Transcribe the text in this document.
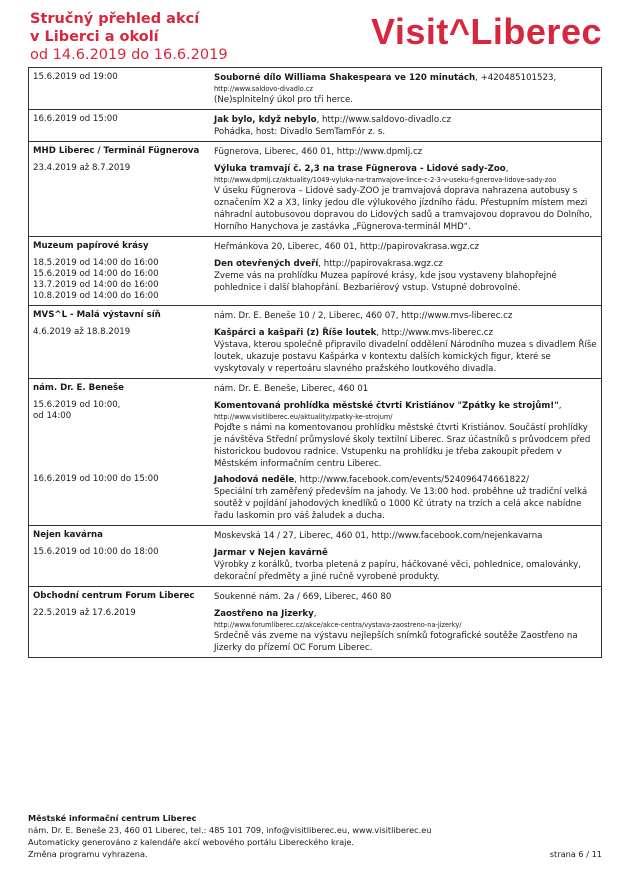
Stručný přehled akcí
v Liberci a okolí
od 14.6.2019 do 16.6.2019
Visit^Liberec
15.6.2019 od 19:00	Souborné dílo Williama Shakespeara ve 120 minutách, +420485101523,
http://www.saldovo-divadlo.cz
(Ne)splnitelný úkol pro tři herce.
16.6.2019 od 15:00	Jak bylo, když nebylo, http://www.saldovo-divadlo.cz
Pohádka, host: Divadlo SemTamFór z. s.
MHD Liberec / Terminál Fügnerova	Fügnerova, Liberec, 460 01, http://www.dpmlj.cz
23.4.2019 až 8.7.2019	Výluka tramvají č. 2,3 na trase Fügnerova - Lidové sady-Zoo,
http://www.dpmlj.cz/aktuality/1049-vyluka-na-tramvajove-lince-c-2-3-v-useku-f-gnerova-lidove-sady-zoo
V úseku Fügnerova – Lidové sady-ZOO je tramvajová doprava nahrazena autobusy s označením X2 a X3, linky jedou dle výlukového jízdního řádu. Přestupním místem mezi náhradní autobusovou dopravou do Lidových sadů a tramvajovou dopravou do Dolního, Horního Hanychova je zastávka „Fügnerova-terminál MHD“.
Muzeum papírové krásy	Heřmánkova 20, Liberec, 460 01, http://papirovakrasa.wgz.cz
18.5.2019 od 14:00 do 16:00
15.6.2019 od 14:00 do 16:00
13.7.2019 od 14:00 do 16:00
10.8.2019 od 14:00 do 16:00
Den otevřených dveří, http://papirovakrasa.wgz.cz
Zveme vás na prohlídku Muzea papírové krásy, kde jsou vystaveny blahopřejné pohlednice i další blahopřání. Bezbariérový vstup. Vstupné dobrovolné.
MVS^L - Malá výstavní síň	nám. Dr. E. Beneše 10 / 2, Liberec, 460 07, http://www.mvs-liberec.cz
4.6.2019 až 18.8.2019	Kašpárci a kašpaři (z) Říše loutek, http://www.mvs-liberec.cz
Výstava, kterou společně připravilo divadelní oddělení Národního muzea s divadlem Říše loutek, ukazuje postavu Kašpárka v kontextu dalších komických figur, které se vyskytovaly v repertoáru slavného pražského loutkového divadla.
nám. Dr. E. Beneše	nám. Dr. E. Beneše, Liberec, 460 01
15.6.2019 od 10:00,
od 14:00
Komentovaná prohlídka městské čtvrti Kristiánov "Zpátky ke strojům!",
http://www.visitliberec.eu/aktuality/zpatky-ke-strojum/
Pojďte s námi na komentovanou prohlídku městské čtvrti Kristiánov. Součástí prohlídky je návštěva Střední průmyslové školy textilní Liberec. Sraz účastníků s průvodcem před historickou budovou radnice. Vstupenku na prohlídku je třeba zakoupit předem v Městském informačním centru Liberec.
16.6.2019 od 10:00 do 15:00	Jahodová neděle, http://www.facebook.com/events/524096474661822/
Speciální trh zaměřený především na jahody. Ve 13:00 hod. proběhne už tradiční velká soutěž v pojídání jahodových knedlíků o 1000 Kč útraty na trzích a celá akce nabídne řadu laskomin pro váš žaludek a ducha.
Nejen kavárna	Moskevská 14 / 27, Liberec, 460 01, http://www.facebook.com/nejenkavarna
15.6.2019 od 10:00 do 18:00	Jarmar v Nejen kavárně
Výrobky z korálků, tvorba pletená z papíru, háčkované věci, pohlednice, omalovánky, dekorační předměty a jiné ručně vyrobené produkty.
Obchodní centrum Forum Liberec	Soukenné nám. 2a / 669, Liberec, 460 80
22.5.2019 až 17.6.2019	Zaostřeno na Jizerky,
http://www.forumliberec.cz/akce/akce-centra/vystava-zaostreno-na-jizerky/
Srdečně vás zveme na výstavu nejlepších snímků fotografické soutěže Zaostřeno na Jizerky do přízemí OC Forum Liberec.
Městské informační centrum Liberec
nám. Dr. E. Beneše 23, 460 01 Liberec, tel.: 485 101 709, info@visitliberec.eu, www.visitliberec.eu
Automaticky generováno z kalendáře akcí webového portálu Libereckého kraje.
Změna programu vyhrazena.	strana 6 / 11
